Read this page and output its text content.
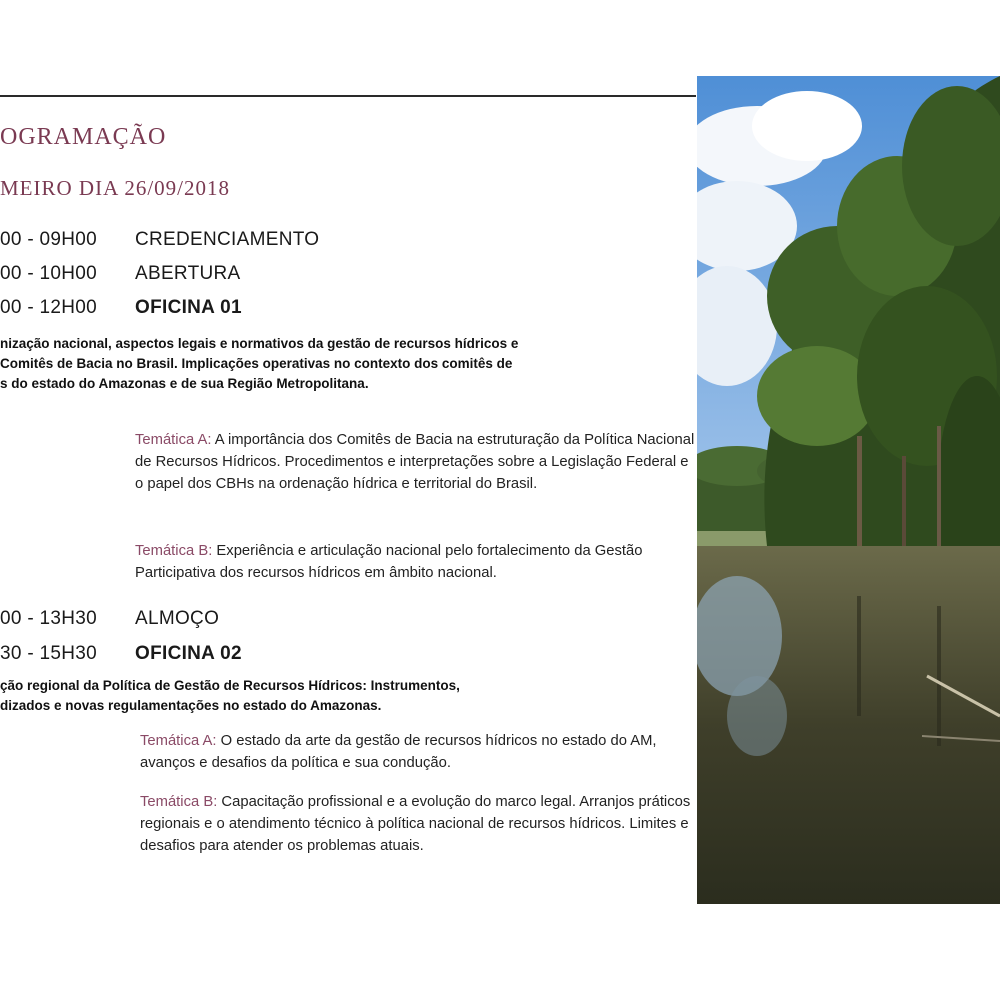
OGRAMAÇÃO
MEIRO DIA 26/09/2018
00 - 09H00 CREDENCIAMENTO
00 - 10H00 ABERTURA
00 - 12H00 OFICINA 01
nização nacional, aspectos legais e normativos da gestão de recursos hídricos e
Comitês de Bacia no Brasil. Implicações operativas no contexto dos comitês de
s do estado do Amazonas e de sua Região Metropolitana.

Temática A: A importância dos Comitês de Bacia na estruturação da Política Nacional de Recursos Hídricos. Procedimentos e interpretações sobre a Legislação Federal e o papel dos CBHs na ordenação hídrica e territorial do Brasil.

Temática B: Experiência e articulação nacional pelo fortalecimento da Gestão Participativa dos recursos hídricos em âmbito nacional.

00 - 13H30 ALMOÇO
30 - 15H30 OFICINA 02
ção regional da Política de Gestão de Recursos Hídricos: Instrumentos,
dizados e novas regulamentações no estado do Amazonas.

Temática A: O estado da arte da gestão de recursos hídricos no estado do AM, avanços e desafios da política e sua condução.

Temática B: Capacitação profissional e a evolução do marco legal. Arranjos práticos regionais e o atendimento técnico à política nacional de recursos hídricos. Limites e desafios para atender os problemas atuais.
